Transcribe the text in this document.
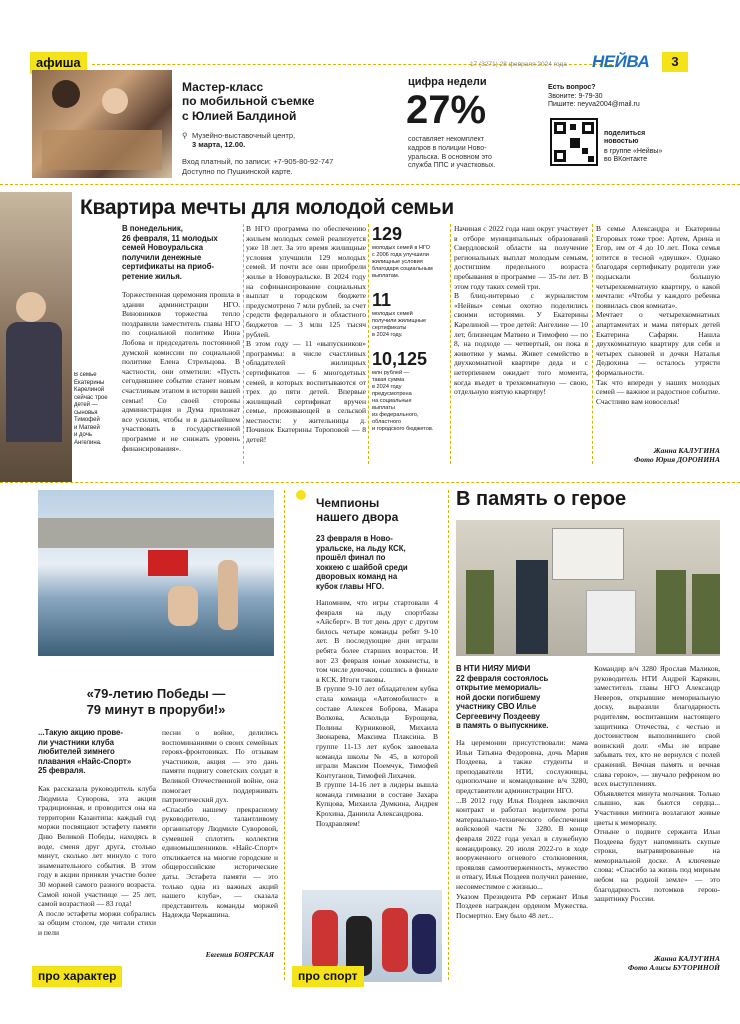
афиша	17 (3271) 28 февраля 2024 года НЕЙВА	3
Мастер-класс
по мобильной съемке
с Юлией Балдиной
⚲ Музейно-выставочный центр,
3 марта, 12.00.
Вход платный, по записи: +7-905-80-92-747
Доступно по Пушкинской карте.
цифра недели
27%
составляет некомплект
кадров в полиции Ново-
уральска. В основном это
служба ППС и участковых.
Есть вопрос?
Звоните: 9-79-30
Пишите: neyva2004@mail.ru
поделиться
новостью
в группе «Нейвы»
во ВКонтакте
В семье
Екатерины
Карелиной
сейчас трое
детей —
сыновья
Тимофей
и Матвей
и дочь
Ангелина.
Квартира мечты для молодой семьи
В понедельник,
26 февраля, 11 молодых
семей Новоуральска
получили денежные
сертификаты на приоб-
ретение жилья.
Торжественная церемония прошла в здании администрации НГО. Виновников торжества тепло поздравили заместитель главы НГО по социальной политике Инна Лобова и председатель постоянной думской комиссии по социальной политике Елена Стрельцова. В частности, они отметили: «Пусть сегодняшнее событие станет новым счастливым этапом в истории вашей семьи! Со своей стороны администрация и Дума приложат все усилия, чтобы и в дальнейшем участвовать в государственной программе и не снижать уровень финансирования».
В НГО программа по обеспечению жильем молодых семей реализуется уже 18 лет. За это время жилищные условия улучшили 129 молодых семей. И почти все они приобрели жилье в Новоуральске. В 2024 году на софинансирование социальных выплат в городском бюджете предусмотрено 7 млн рублей, за счет средств федерального и областного бюджетов — 3 млн 125 тысяч рублей.
В этом году — 11 «выпускников» программы: в числе счастливых обладателей жилищных сертификатов — 6 многодетных семей, в которых воспитываются от трех до пяти детей. Впервые жилищный сертификат вручен семье, проживающей в сельской местности: у жительницы д. Починок Екатерины Тороповой — 8 детей!
129
молодых семей в НГО
с 2006 года улучшили
жилищные условия
благодаря социальным
выплатам.
11
молодых семей
получили жилищные
сертификаты
в 2024 году.
10,125
млн рублей —
такая сумма
в 2024 году
предусмотрена
на социальные
выплаты
из федерального,
областного
и городского бюджетов.
Начиная с 2022 года наш округ участвует в отборе муниципальных образований Свердловской области на получение региональных выплат молодым семьям, достигшим предельного возраста пребывания в программе — 35-ти лет. В этом году таких семей три.
В блиц-интервью с журналистом «Нейвы» семьи охотно поделились своими историями. У Екатерины Карелиной — трое детей: Ангелине — 10 лет, близнецам Матвею и Тимофею — по 8, на подходе — четвертый, он пока в животике у мамы. Живет семейство в двухкомнатной квартире деда и с нетерпением ожидает того момента, когда въедет в трехкомнатную — свою, отдельную взятую квартиру!
В семье Александра и Екатерины Егоровых тоже трое: Артем, Арина и Егор, им от 4 до 10 лет. Пока семья ютится в тесной «двушке». Однако благодаря сертификату родители уже подыскали большую четырехкомнатную квартиру, о какой мечтали: «Чтобы у каждого ребенка появилась своя комната».
Мечтает о четырехкомнатных апартаментах и мама пятерых детей Екатерина Сафарян. Нашла двухкомнатную квартиру для себя и четырех сыновей и дочки Наталья Дедюхина — осталось утрясти формальности.
Так что впереди у наших молодых семей — важное и радостное событие. Счастливо вам новоселья!
Жанна КАЛУГИНА
Фото Юрия ДОРОНИНА
«79-летию Победы —
79 минут в проруби!»
...Такую акцию прове-
ли участники клуба
любителей зимнего
плавания «Найс-Спорт»
25 февраля.
Как рассказала руководитель клуба Людмила Суворова, эта акция традиционная, и проводится она на территории Казантипа: каждый год моржи посвящают эстафету памяти Дню Великой Победы, находясь в воде, сменя друг друга, столько минут, сколько лет минуло с того знаменательного события. В этом году в акции приняли участие более 30 моржей самого разного возраста. Самой юной участнице — 25 лет, самой возрастной — 83 года!
А после эстафеты моржи собрались за общим столом, где читали стихи и пели
песни о войне, делились воспоминаниями о своих семейных героях-фронтовиках. По отзывам участников, акция — это дань памяти подвигу советских солдат в Великой Отечественной войне, она помогает поддерживать патриотический дух.
«Спасибо нашему прекрасному руководителю, талантливому организатору Людмиле Суворовой, сумевшей сплотить коллектив единомышленников. «Найс-Спорт» откликается на многие городские и общероссийские исторические даты. Эстафета памяти — это только одна из важных акций нашего клуба», — сказала представитель команды моржей Надежда Черкашина.
Евгения БОЯРСКАЯ
про характер
Чемпионы
нашего двора
23 февраля в Ново-
уральске, на льду КСК,
прошёл финал по
хоккею с шайбой среди
дворовых команд на
кубок главы НГО.
Напомним, что игры стартовали 4 февраля на льду спортбазы «Айсберг». В тот день друг с другом билось четыре команды ребят 9-10 лет. В последующие дни играли ребята более старших возрастов. И вот 23 февраля юные хоккеисты, в том числе девочки, сошлись в финале в КСК. Итоги таковы.
В группе 9-10 лет обладателем кубка стала команда «Автомобилист» в составе Алексея Боброва, Макара Волкова, Аскольда Бурощева, Полины Курниковой, Михаила Звонарева, Максима Плаксина. В группе 11-13 лет кубок завоевала команда школы № 45, в которой играли Максим Поемчук, Тимофей Контуганов, Тимофей Лихачев.
В группе 14-16 лет в лидеры вышла команда гимназии в составе Захара Купцова, Михаила Думкина, Андрея Крохина, Даниила Александрова.
Поздравляем!
про спорт
В память о герое
В НТИ НИЯУ МИФИ
22 февраля состоялось
открытие мемориаль-
ной доски погибшему
участнику СВО Илье
Сергеевичу Поздееву
в память о выпускнике.
На церемонии присутствовали: мама Ильи Татьяна Федоровна, дочь Мария Поздеева, а также студенты и преподаватели НТИ, сослуживцы, однополчане и командование в/ч 3280, представители администрации НГО.
...В 2012 году Илья Поздеев заключил контракт и работал водителем роты материально-технического обеспечения войсковой части № 3280. В конце февраля 2022 года уехал в служебную командировку. 20 июля 2022-го в ходе вооруженного огневого столкновения, проявляя самоотверженность, мужество и отвагу, Илья Поздеев получил ранение, несовместимое с жизнью...
Указом Президента РФ сержант Илья Поздеев награжден орденом Мужества. Посмертно. Ему было 48 лет...
Командир в/ч 3280 Ярослав Маликов, руководитель НТИ Андрей Карякин, заместитель главы НГО Александр Неверов, открывшие мемориальную доску, выразили благодарность родителям, воспитавшим настоящего защитника Отечества, с честью и достоинством выполнившего свой воинский долг. «Мы не вправе забывать тех, кто не вернулся с полей сражений. Вечная память и вечная слава герою», — звучало рефреном во всех выступлениях.
Объявляется минута молчания. Только слышно, как бьются сердца... Участники митинга возлагают живые цветы к мемориалу.
Отныне о подвиге сержанта Ильи Поздеева будут напоминать скупые строки, выгравированные на мемориальной доске. А ключевые слова: «Спасибо за жизнь под мирным небом на родной земле» — это благодарность потомков герою-защитнику России.
Жанна КАЛУГИНА
Фото Алисы БУТОРИНОЙ
